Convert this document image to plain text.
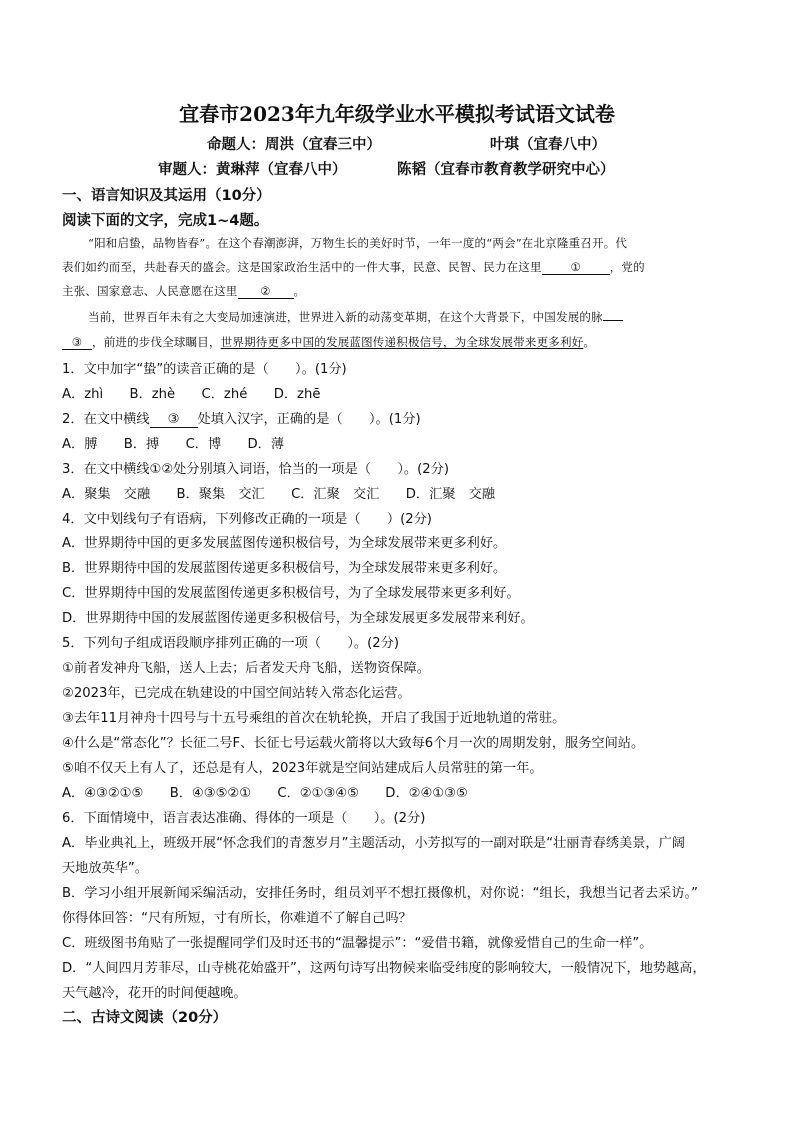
宜春市2023年九年级学业水平模拟考试语文试卷
命题人：周洪（宜春三中）	叶琪（宜春八中）
审题人：黄琳萍（宜春八中）	陈韬（宜春市教育教学研究中心）
一、语言知识及其运用（10分）
阅读下面的文字，完成1~4题。
“阳和启蛰，品物皆春”。在这个春潮澎湃，万物生长的美好时节，一年一度的“两会”在北京隆重召开。代
表们如约而至，共赴春天的盛会。这是国家政治生活中的一件大事，民意、民智、民力在这里 ①	，党的
主张、国家意志、人民意愿在这里 ② 。
当前，世界百年未有之大变局加速演进，世界进入新的动荡变革期，在这个大背景下，中国发展的脉
③ ，前进的步伐全球瞩目，世界期待更多中国的发展蓝图传递积极信号，为全球发展带来更多利好。
1．文中加字“蛰”的读音正确的是（　　）。(1分)
A．zhì　　B．zhè　　C．zhé　　D．zhē
2．在文中横线 ③ 处填入汉字，正确的是（　　）。(1分)
A．膊　　B．搏　　C．博　　D．薄
3．在文中横线①②处分别填入词语，恰当的一项是（　　）。(2分)
A．聚集　交融　　B．聚集　交汇　　C．汇聚　交汇　　D．汇聚　交融
4．文中划线句子有语病，下列修改正确的一项是（　　）(2分)
A．世界期待中国的更多发展蓝图传递积极信号，为全球发展带来更多利好。
B．世界期待中国的发展蓝图传递更多积极信号，为全球发展带来更多利好。
C．世界期待中国的发展蓝图传递更多积极信号，为了全球发展带来更多利好。
D．世界期待中国的发展蓝图传递更多积极信号，为全球发展更多发展带来利好。
5．下列句子组成语段顺序排列正确的一项（　　）。(2分)
①前者发神舟飞船，送人上去；后者发天舟飞船，送物资保障。
②2023年，已完成在轨建设的中国空间站转入常态化运营。
③去年11月神舟十四号与十五号乘组的首次在轨轮换，开启了我国于近地轨道的常驻。
④什么是“常态化”？长征二号F、长征七号运载火箭将以大致每6个月一次的周期发射，服务空间站。
⑤咱不仅天上有人了，还总是有人，2023年就是空间站建成后人员常驻的第一年。
A．④③②①⑤　　B．④③⑤②①　　C．②①③④⑤　　D．②④①③⑤
6．下面情境中，语言表达准确、得体的一项是（　　）。(2分)
A．毕业典礼上，班级开展“怀念我们的青葱岁月”主题活动，小芳拟写的一副对联是“壮丽青春绣美景，广阔
天地放英华”。
B．学习小组开展新闻采编活动，安排任务时，组员刘平不想扛摄像机，对你说：“组长，我想当记者去采访。”
你得体回答：“尺有所短，寸有所长，你难道不了解自己吗？
C．班级图书角贴了一张提醒同学们及时还书的“温馨提示”：“爱借书籍，就像爱惜自己的生命一样”。
D．“人间四月芳菲尽，山寺桃花始盛开”，这两句诗写出物候来临受纬度的影响较大，一般情况下，地势越高，
天气越冷，花开的时间便越晚。
二、古诗文阅读（20分）
